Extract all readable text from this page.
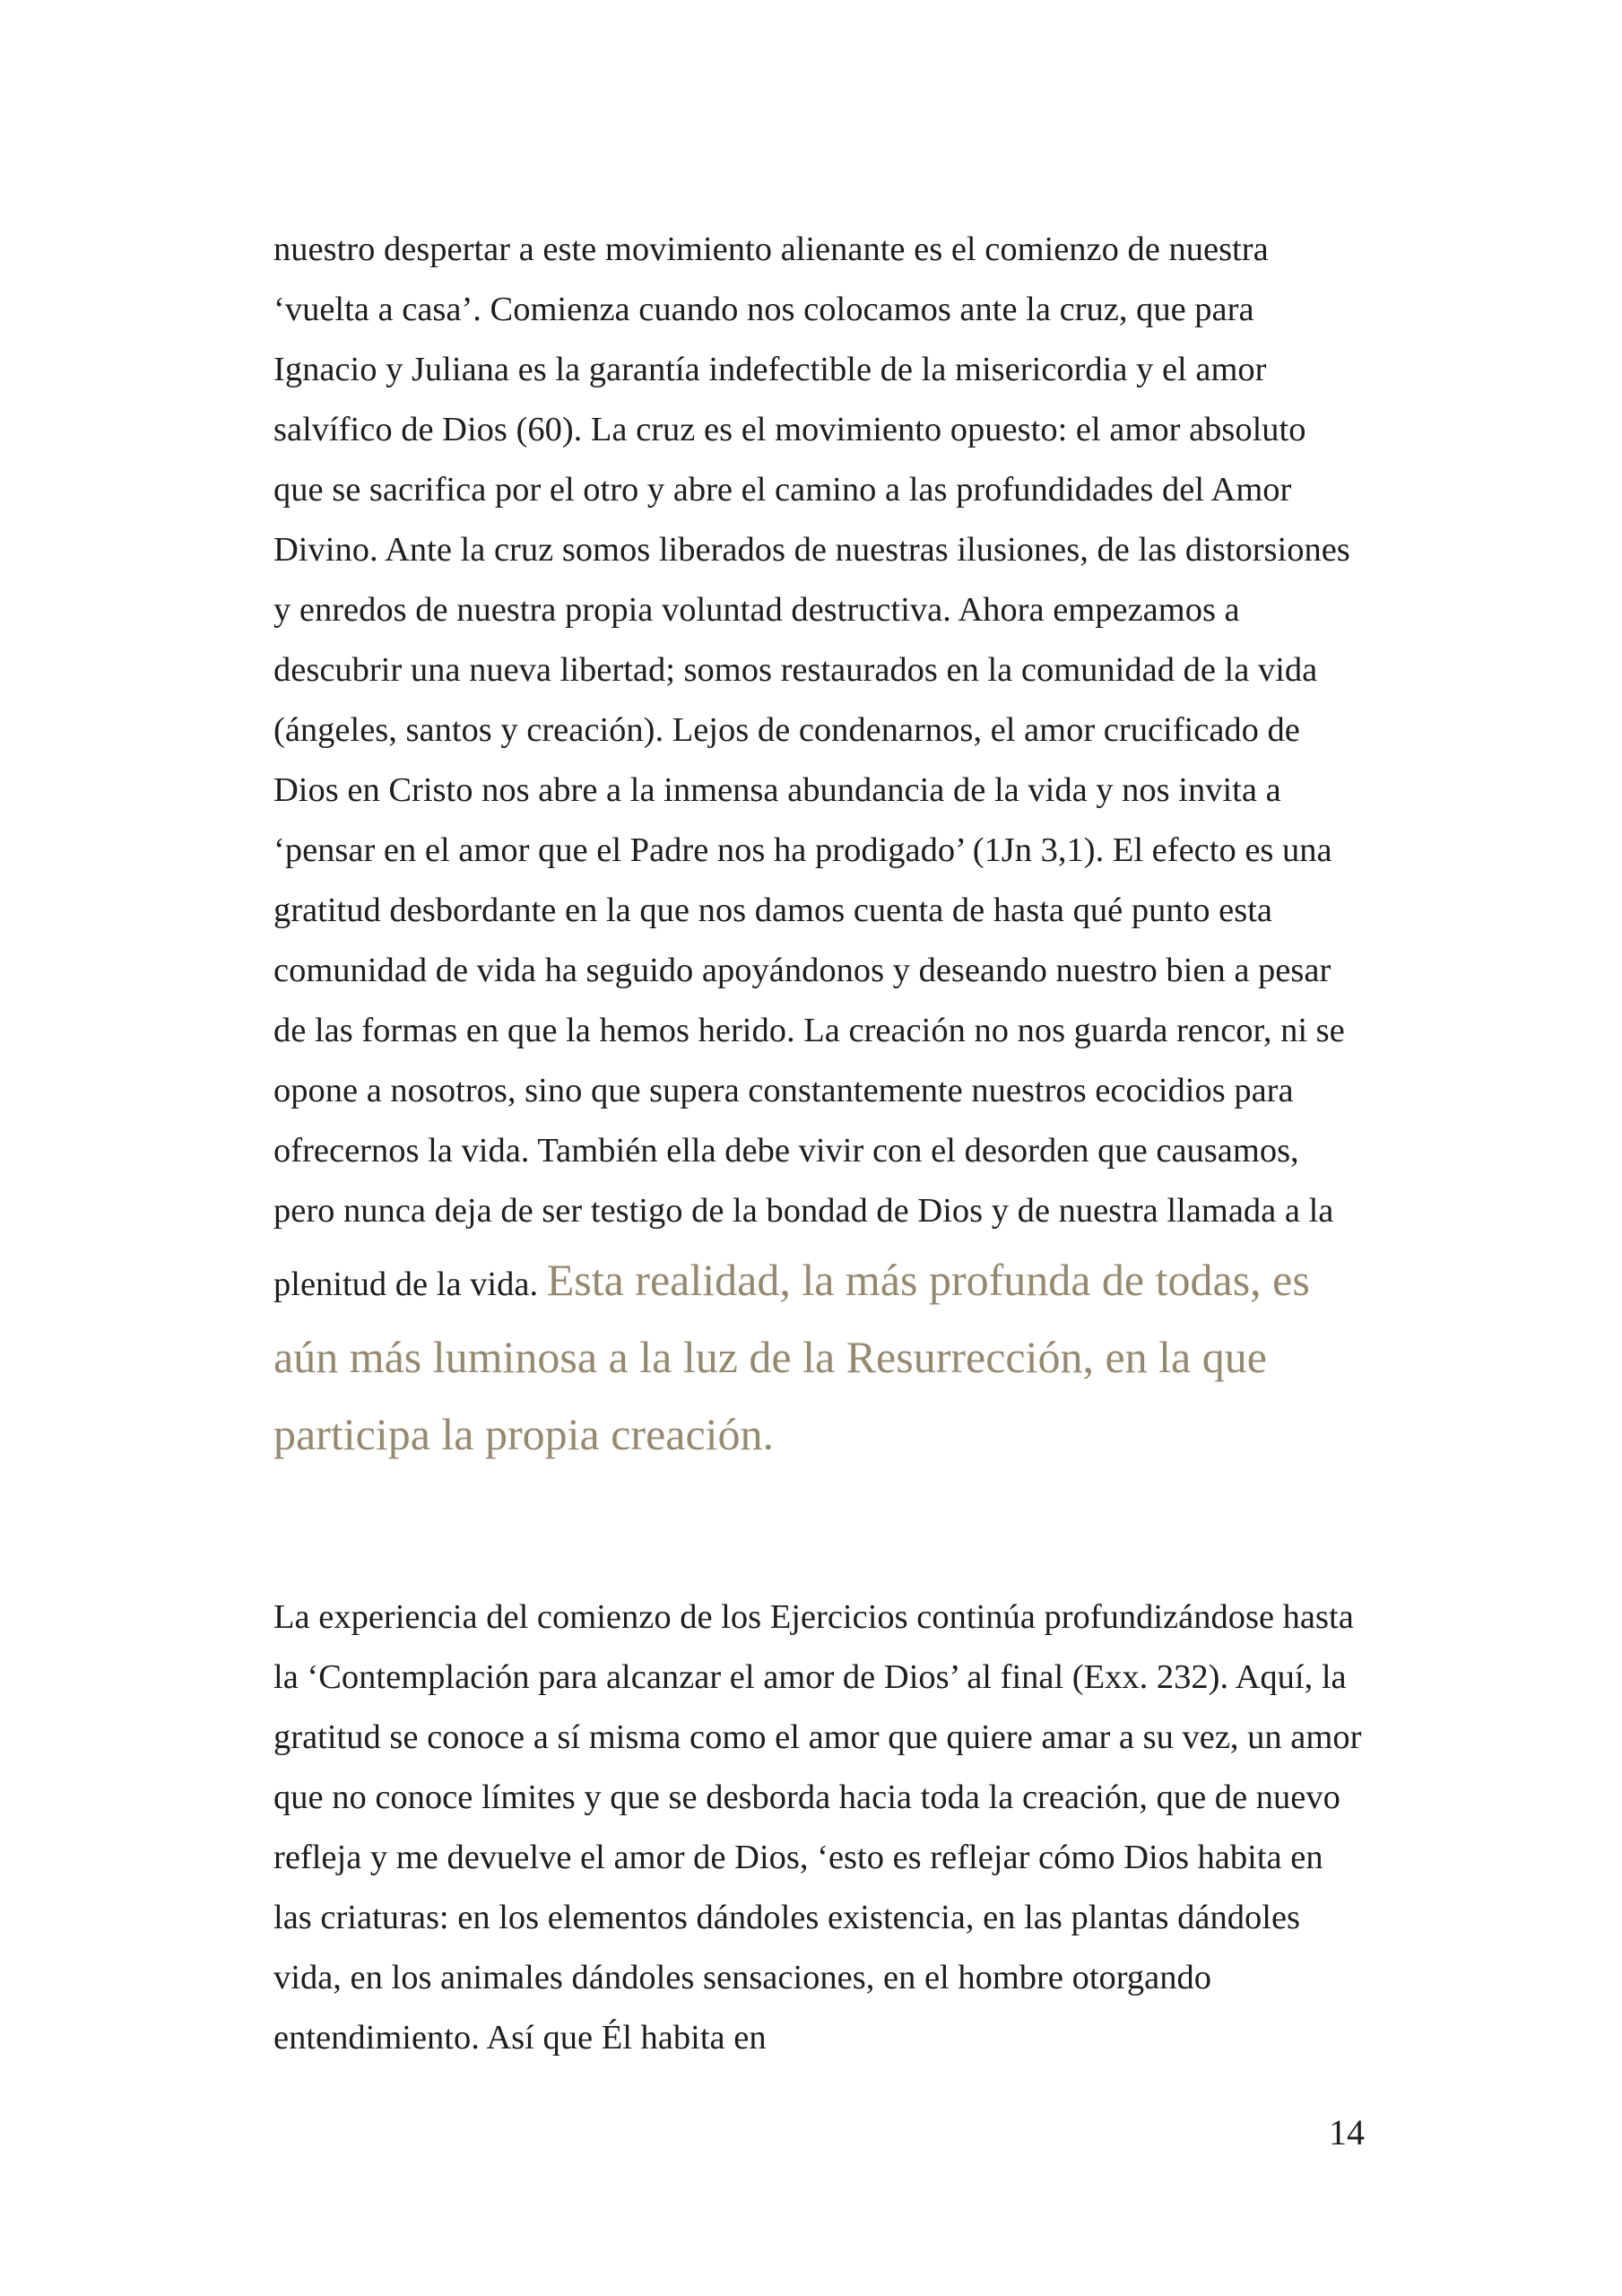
nuestro despertar a este movimiento alienante es el comienzo de nuestra ‘vuelta a casa’. Comienza cuando nos colocamos ante la cruz, que para Ignacio y Juliana es la garantía indefectible de la misericordia y el amor salvífico de Dios (60). La cruz es el movimiento opuesto: el amor absoluto que se sacrifica por el otro y abre el camino a las profundidades del Amor Divino. Ante la cruz somos liberados de nuestras ilusiones, de las distorsiones y enredos de nuestra propia voluntad destructiva. Ahora empezamos a descubrir una nueva libertad; somos restaurados en la comunidad de la vida (ángeles, santos y creación). Lejos de condenarnos, el amor crucificado de Dios en Cristo nos abre a la inmensa abundancia de la vida y nos invita a ‘pensar en el amor que el Padre nos ha prodigado’ (1Jn 3,1). El efecto es una gratitud desbordante en la que nos damos cuenta de hasta qué punto esta comunidad de vida ha seguido apoyándonos y deseando nuestro bien a pesar de las formas en que la hemos herido. La creación no nos guarda rencor, ni se opone a nosotros, sino que supera constantemente nuestros ecocidios para ofrecernos la vida. También ella debe vivir con el desorden que causamos, pero nunca deja de ser testigo de la bondad de Dios y de nuestra llamada a la plenitud de la vida. Esta realidad, la más profunda de todas, es aún más luminosa a la luz de la Resurrección, en la que participa la propia creación.

La experiencia del comienzo de los Ejercicios continúa profundizándose hasta la ‘Contemplación para alcanzar el amor de Dios’ al final (Exx. 232). Aquí, la gratitud se conoce a sí misma como el amor que quiere amar a su vez, un amor que no conoce límites y que se desborda hacia toda la creación, que de nuevo refleja y me devuelve el amor de Dios, ‘esto es reflejar cómo Dios habita en las criaturas: en los elementos dándoles existencia, en las plantas dándoles vida, en los animales dándoles sensaciones, en el hombre otorgando entendimiento. Así que Él habita en

14
